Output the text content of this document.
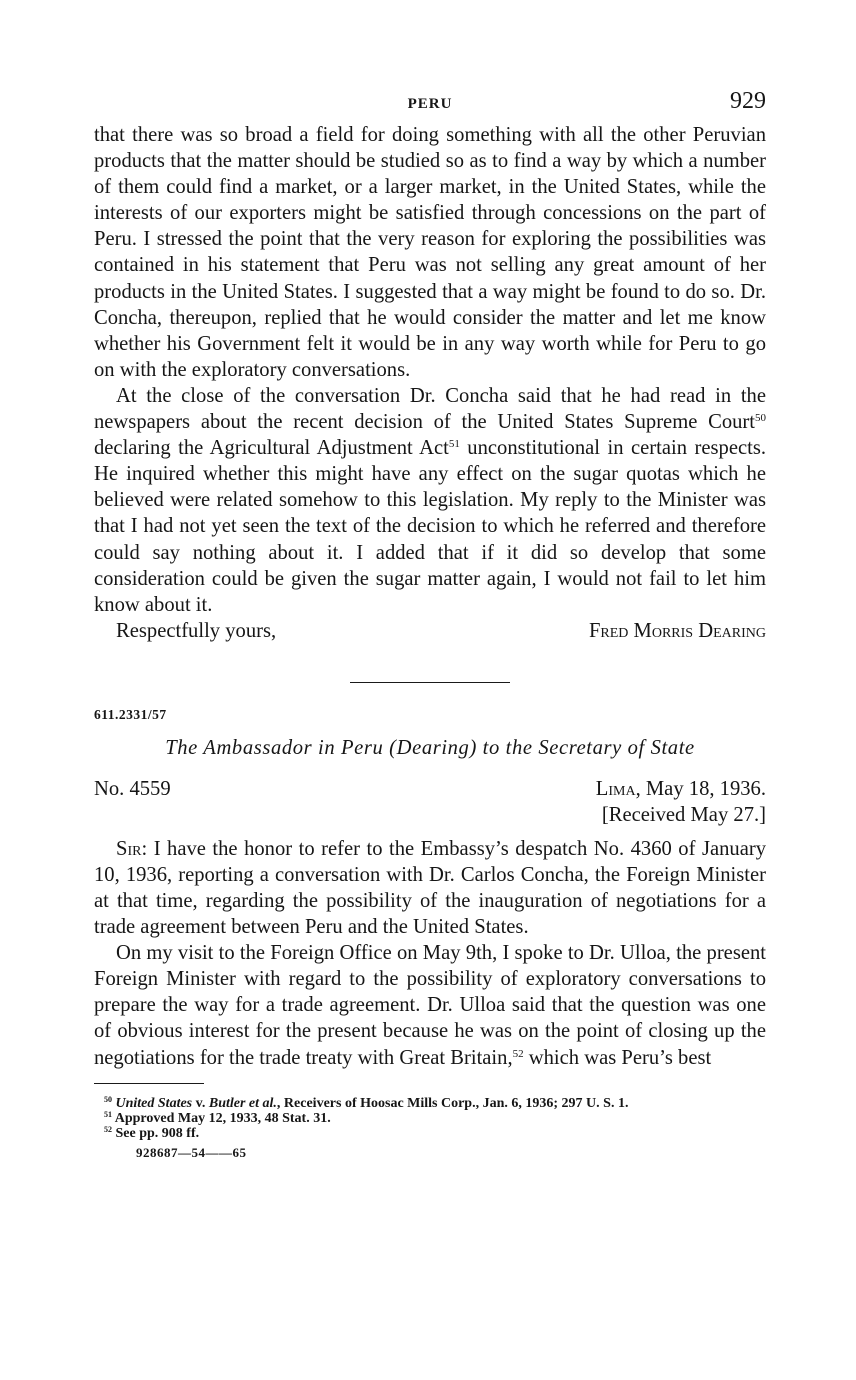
PERU	929

that there was so broad a field for doing something with all the other Peruvian products that the matter should be studied so as to find a way by which a number of them could find a market, or a larger market, in the United States, while the interests of our exporters might be satisfied through concessions on the part of Peru. I stressed the point that the very reason for exploring the possibilities was contained in his statement that Peru was not selling any great amount of her products in the United States. I suggested that a way might be found to do so. Dr. Concha, thereupon, replied that he would consider the matter and let me know whether his Government felt it would be in any way worth while for Peru to go on with the exploratory conversations.

At the close of the conversation Dr. Concha said that he had read in the newspapers about the recent decision of the United States Supreme Court$^{50}$ declaring the Agricultural Adjustment Act$^{51}$ unconstitutional in certain respects. He inquired whether this might have any effect on the sugar quotas which he believed were related somehow to this legislation. My reply to the Minister was that I had not yet seen the text of the decision to which he referred and therefore could say nothing about it. I added that if it did so develop that some consideration could be given the sugar matter again, I would not fail to let him know about it.

Respectfully yours,	Fred Morris Dearing
611.2331/57
The Ambassador in Peru (Dearing) to the Secretary of State
No. 4559	Lima, May 18, 1936.
[Received May 27.]

Sir: I have the honor to refer to the Embassy’s despatch No. 4360 of January 10, 1936, reporting a conversation with Dr. Carlos Concha, the Foreign Minister at that time, regarding the possibility of the inauguration of negotiations for a trade agreement between Peru and the United States.

On my visit to the Foreign Office on May 9th, I spoke to Dr. Ulloa, the present Foreign Minister with regard to the possibility of exploratory conversations to prepare the way for a trade agreement. Dr. Ulloa said that the question was one of obvious interest for the present because he was on the point of closing up the negotiations for the trade treaty with Great Britain,$^{52}$ which was Peru’s best

$^{50}$ United States v. Butler et al., Receivers of Hoosac Mills Corp., Jan. 6, 1936; 297 U. S. 1.
$^{51}$ Approved May 12, 1933, 48 Stat. 31.
$^{52}$ See pp. 908 ff.
928687—54——65
